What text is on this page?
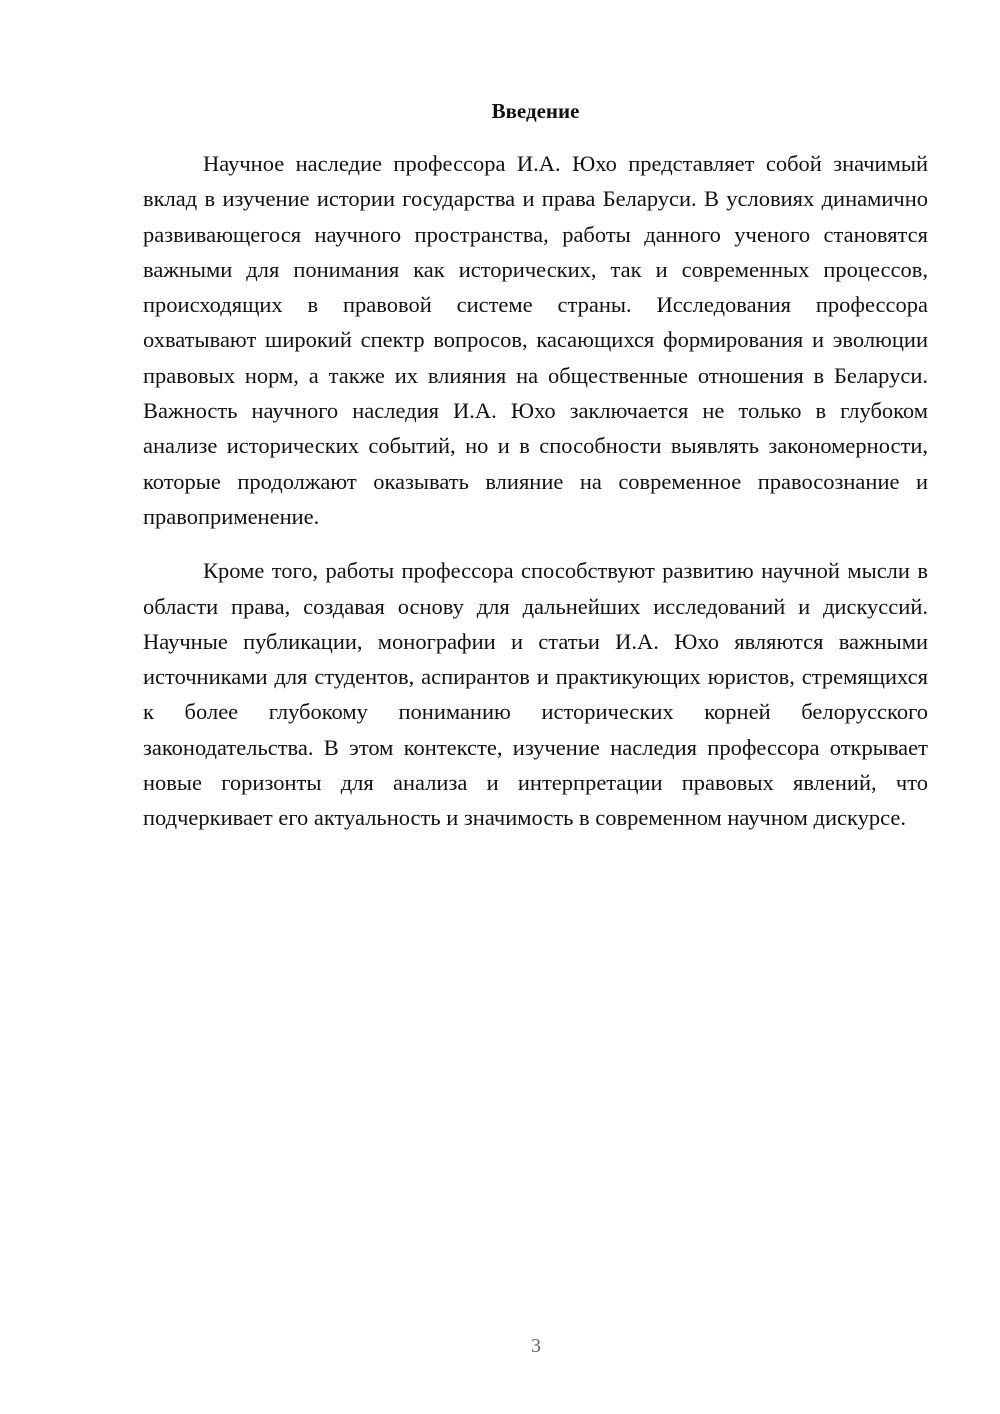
Введение

Научное наследие профессора И.А. Юхо представляет собой значимый вклад в изучение истории государства и права Беларуси. В условиях динамично развивающегося научного пространства, работы данного ученого становятся важными для понимания как исторических, так и современных процессов, происходящих в правовой системе страны. Исследования профессора охватывают широкий спектр вопросов, касающихся формирования и эволюции правовых норм, а также их влияния на общественные отношения в Беларуси. Важность научного наследия И.А. Юхо заключается не только в глубоком анализе исторических событий, но и в способности выявлять закономерности, которые продолжают оказывать влияние на современное правосознание и правоприменение.

Кроме того, работы профессора способствуют развитию научной мысли в области права, создавая основу для дальнейших исследований и дискуссий. Научные публикации, монографии и статьи И.А. Юхо являются важными источниками для студентов, аспирантов и практикующих юристов, стремящихся к более глубокому пониманию исторических корней белорусского законодательства. В этом контексте, изучение наследия профессора открывает новые горизонты для анализа и интерпретации правовых явлений, что подчеркивает его актуальность и значимость в современном научном дискурсе.

3
